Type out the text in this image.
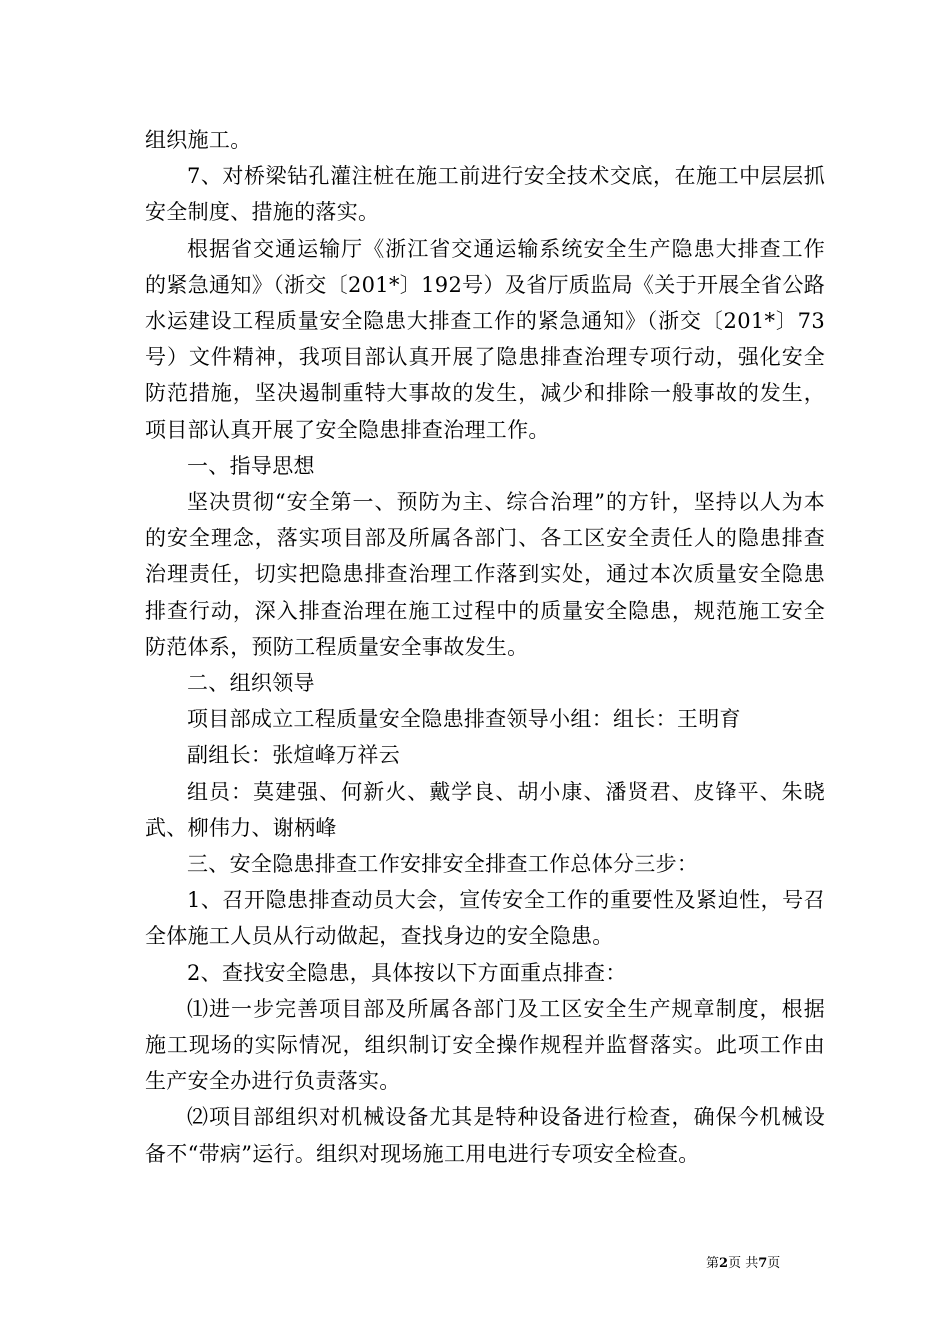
组织施工。

7、对桥梁钻孔灌注桩在施工前进行安全技术交底，在施工中层层抓安全制度、措施的落实。

根据省交通运输厅《浙江省交通运输系统安全生产隐患大排查工作的紧急通知》（浙交〔201*〕192号）及省厅质监局《关于开展全省公路水运建设工程质量安全隐患大排查工作的紧急通知》（浙交〔201*〕73号）文件精神，我项目部认真开展了隐患排查治理专项行动，强化安全防范措施，坚决遏制重特大事故的发生，减少和排除一般事故的发生，项目部认真开展了安全隐患排查治理工作。

一、指导思想

坚决贯彻“安全第一、预防为主、综合治理”的方针，坚持以人为本的安全理念，落实项目部及所属各部门、各工区安全责任人的隐患排查治理责任，切实把隐患排查治理工作落到实处，通过本次质量安全隐患排查行动，深入排查治理在施工过程中的质量安全隐患，规范施工安全防范体系，预防工程质量安全事故发生。

二、组织领导

项目部成立工程质量安全隐患排查领导小组：组长：王明育

副组长：张煊峰万祥云

组员：莫建强、何新火、戴学良、胡小康、潘贤君、皮锋平、朱晓武、柳伟力、谢柄峰

三、安全隐患排查工作安排安全排查工作总体分三步：

1、召开隐患排查动员大会，宣传安全工作的重要性及紧迫性，号召全体施工人员从行动做起，查找身边的安全隐患。

2、查找安全隐患，具体按以下方面重点排查：

⑴进一步完善项目部及所属各部门及工区安全生产规章制度，根据施工现场的实际情况，组织制订安全操作规程并监督落实。此项工作由生产安全办进行负责落实。

⑵项目部组织对机械设备尤其是特种设备进行检查，确保今机械设备不“带病”运行。组织对现场施工用电进行专项安全检查。

第2页 共7页
